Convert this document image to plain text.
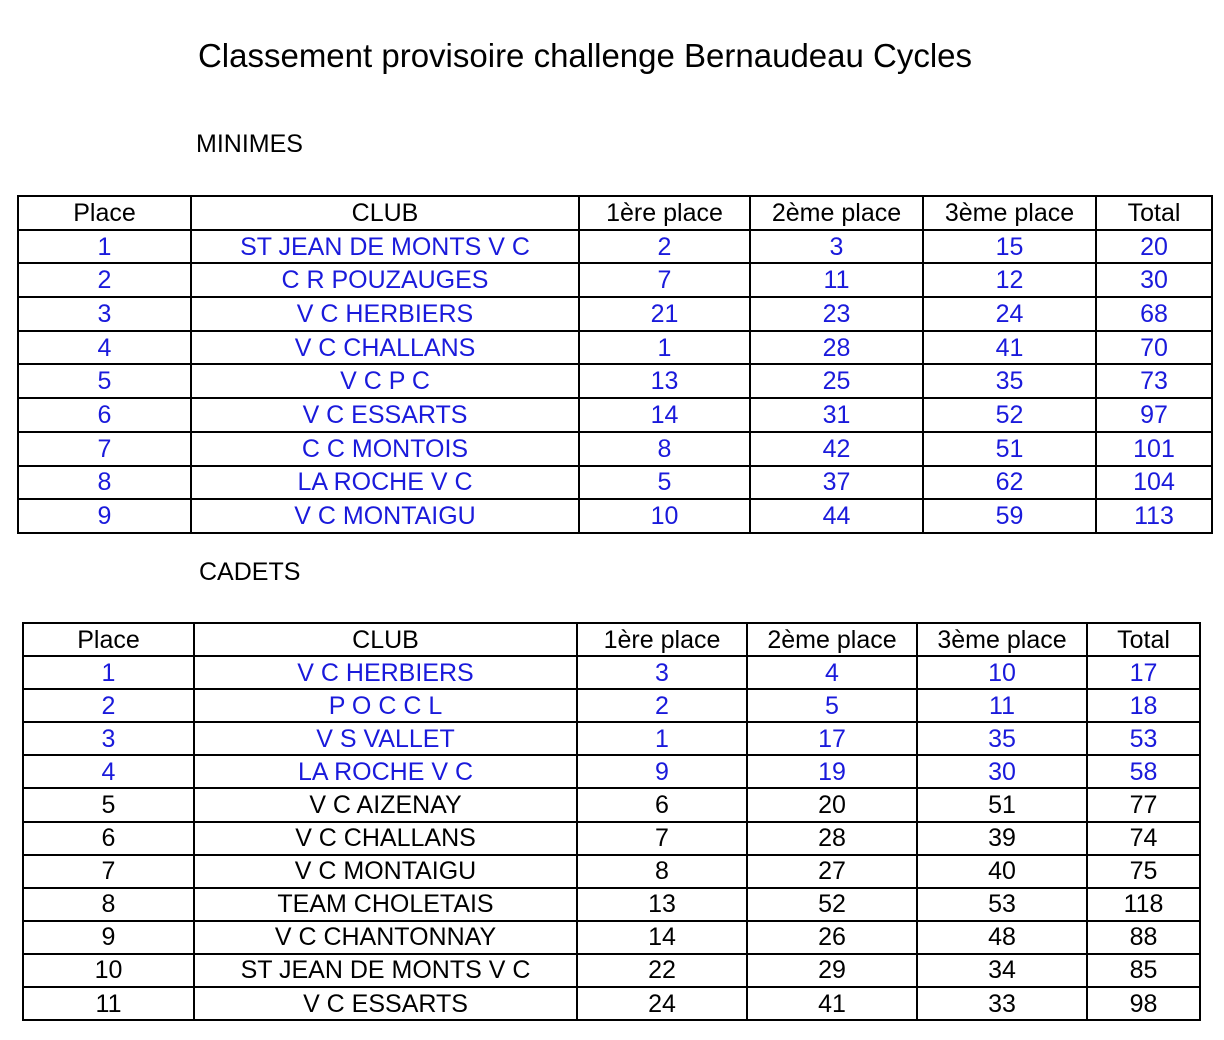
Classement provisoire challenge Bernaudeau Cycles
MINIMES
Place	CLUB	1ère place	2ème place	3ème place	Total
1	ST JEAN DE MONTS V C	2	3	15	20
2	C R POUZAUGES	7	11	12	30
3	V C HERBIERS	21	23	24	68
4	V C CHALLANS	1	28	41	70
5	V C P C	13	25	35	73
6	V C ESSARTS	14	31	52	97
7	C C MONTOIS	8	42	51	101
8	LA ROCHE V C	5	37	62	104
9	V C MONTAIGU	10	44	59	113
CADETS
Place	CLUB	1ère place	2ème place	3ème place	Total
1	V C HERBIERS	3	4	10	17
2	P O C C L	2	5	11	18
3	V S VALLET	1	17	35	53
4	LA ROCHE V C	9	19	30	58
5	V C AIZENAY	6	20	51	77
6	V C CHALLANS	7	28	39	74
7	V C MONTAIGU	8	27	40	75
8	TEAM CHOLETAIS	13	52	53	118
9	V C CHANTONNAY	14	26	48	88
10	ST JEAN DE MONTS V C	22	29	34	85
11	V C ESSARTS	24	41	33	98
